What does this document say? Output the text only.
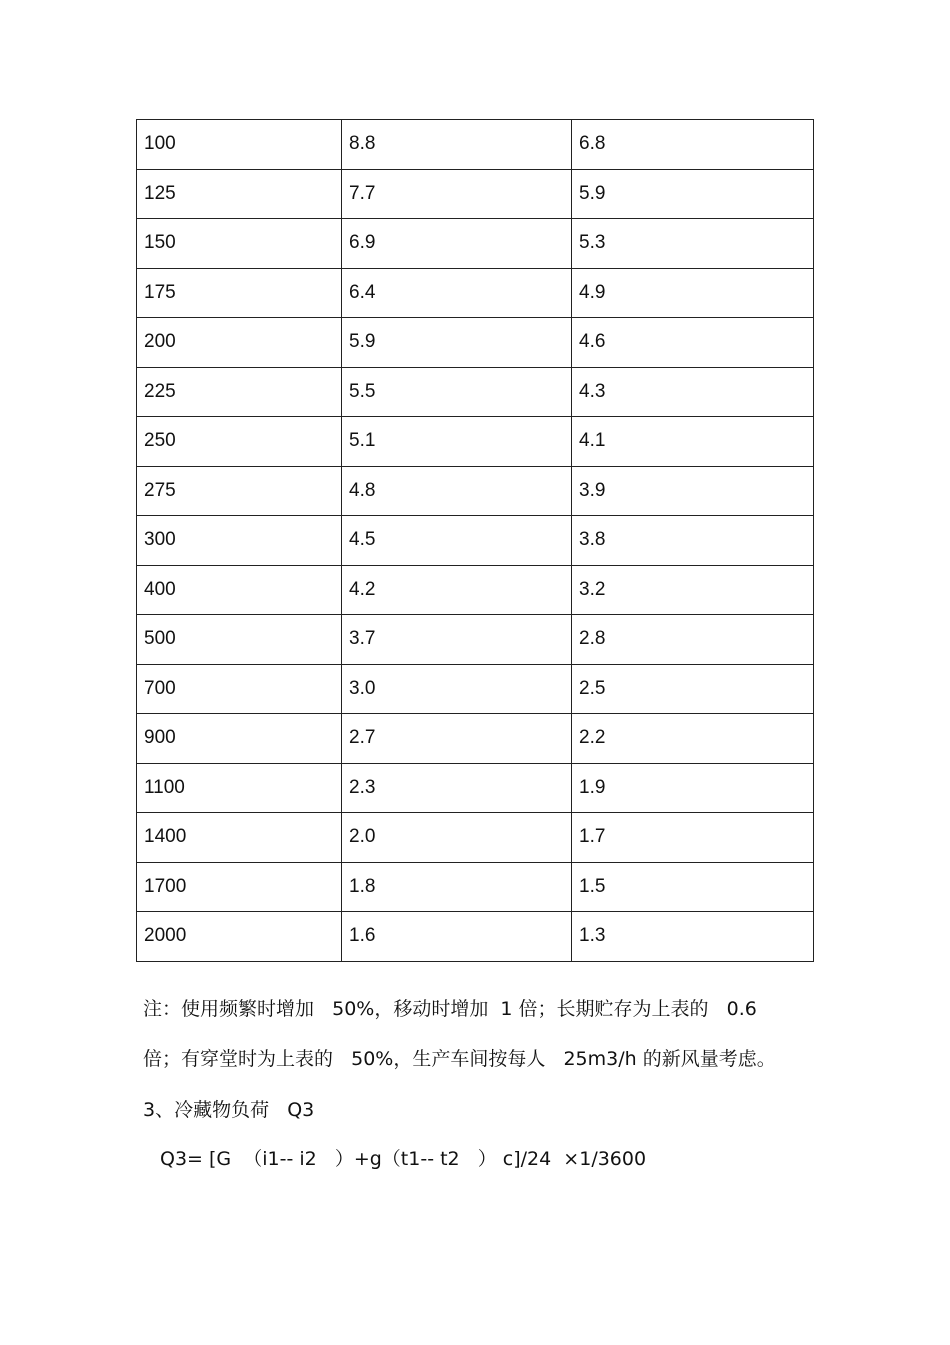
100	8.8	6.8
125	7.7	5.9
150	6.9	5.3
175	6.4	4.9
200	5.9	4.6
225	5.5	4.3
250	5.1	4.1
275	4.8	3.9
300	4.5	3.8
400	4.2	3.2
500	3.7	2.8
700	3.0	2.5
900	2.7	2.2
1100	2.3	1.9
1400	2.0	1.7
1700	1.8	1.5
2000	1.6	1.3
注：使用频繁时增加   50%，移动时增加  1 倍；长期贮存为上表的   0.6
倍；有穿堂时为上表的   50%，生产车间按每人   25m3/h 的新风量考虑。
3、冷藏物负荷   Q3
Q3= [G  （i1-- i2   ）+g（t1-- t2   ） c]/24  ×1/3600
